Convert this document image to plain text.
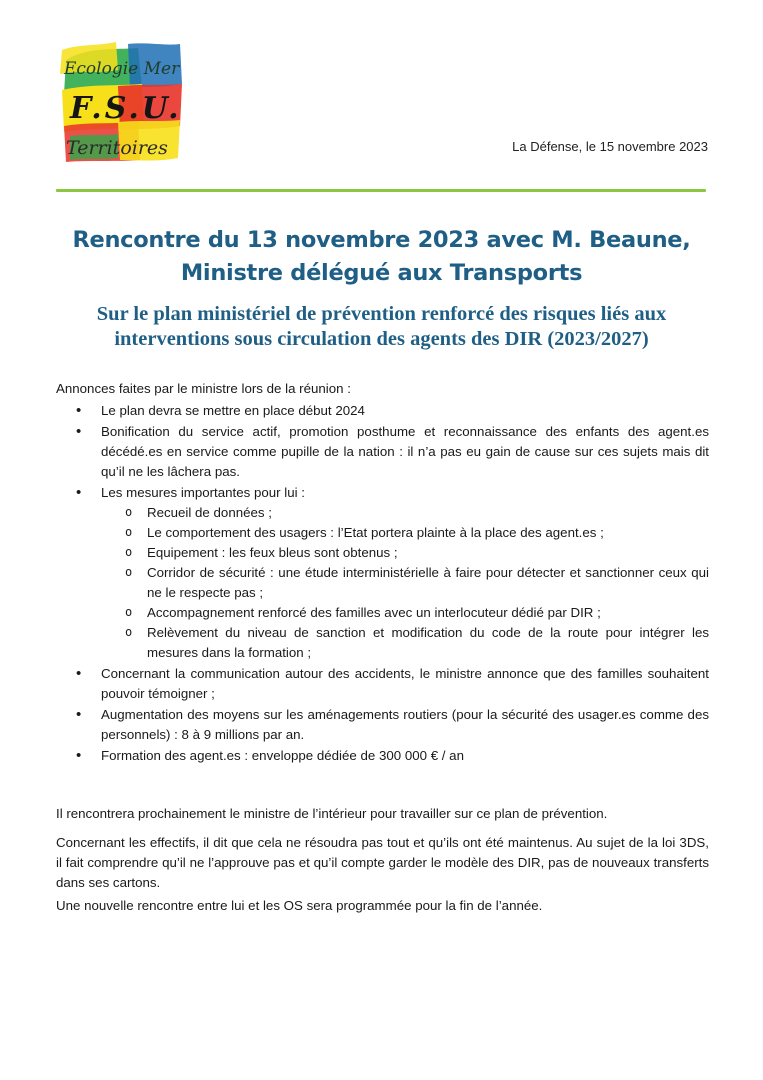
Ecologie Mer
F.S.U.
Territoires	La Défense, le 15 novembre 2023
Rencontre du 13 novembre 2023 avec M. Beaune,
Ministre délégué aux Transports
Sur le plan ministériel de prévention renforcé des risques liés aux
interventions sous circulation des agents des DIR (2023/2027)

Annonces faites par le ministre lors de la réunion :

• Le plan devra se mettre en place début 2024
• Bonification du service actif, promotion posthume et reconnaissance des enfants des agent.es décédé.es en service comme pupille de la nation : il n’a pas eu gain de cause sur ces sujets mais dit qu’il ne les lâchera pas.
• Les mesures importantes pour lui :
o Recueil de données ;
o Le comportement des usagers : l’Etat portera plainte à la place des agent.es ;
o Equipement : les feux bleus sont obtenus ;
o Corridor de sécurité : une étude interministérielle à faire pour détecter et sanctionner ceux qui ne le respecte pas ;
o Accompagnement renforcé des familles avec un interlocuteur dédié par DIR ;
o Relèvement du niveau de sanction et modification du code de la route pour intégrer les mesures dans la formation ;
• Concernant la communication autour des accidents, le ministre annonce que des familles souhaitent pouvoir témoigner ;
• Augmentation des moyens sur les aménagements routiers (pour la sécurité des usager.es comme des personnels) : 8 à 9 millions par an.
• Formation des agent.es : enveloppe dédiée de 300 000 € / an

Il rencontrera prochainement le ministre de l’intérieur pour travailler sur ce plan de prévention.

Concernant les effectifs, il dit que cela ne résoudra pas tout et qu’ils ont été maintenus. Au sujet de la loi 3DS, il fait comprendre qu’il ne l’approuve pas et qu’il compte garder le modèle des DIR, pas de nouveaux transferts dans ses cartons.

Une nouvelle rencontre entre lui et les OS sera programmée pour la fin de l’année.
